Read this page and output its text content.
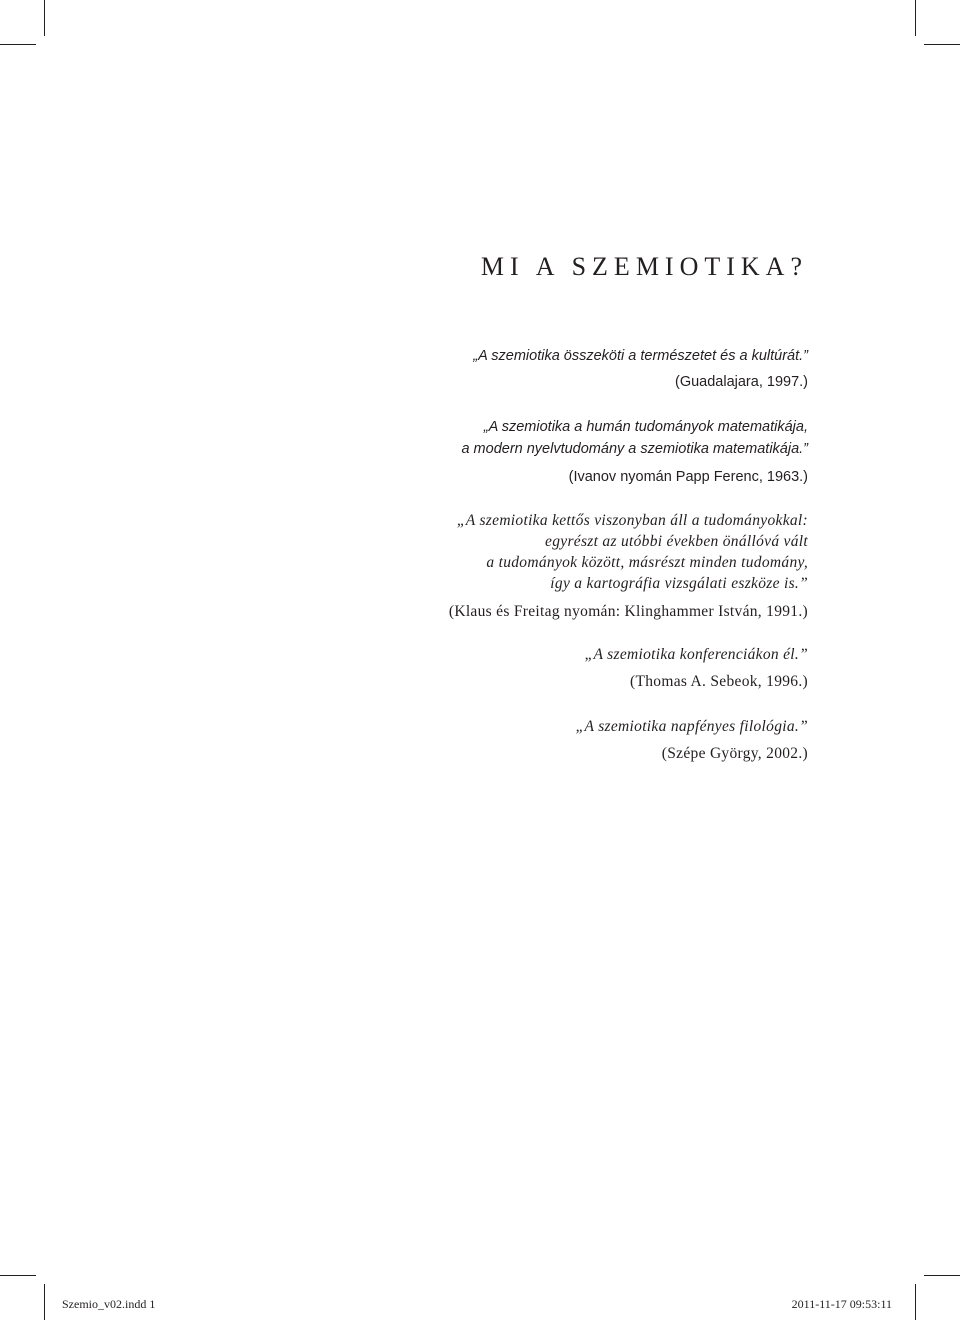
MI A SZEMIOTIKA?
„A szemiotika összeköti a természetet és a kultúrát.”
(Guadalajara, 1997.)
„A szemiotika a humán tudományok matematikája,
a modern nyelvtudomány a szemiotika matematikája.”
(Ivanov nyomán Papp Ferenc, 1963.)
„A szemiotika kettős viszonyban áll a tudományokkal:
egyrészt az utóbbi években önállóvá vált
a tudományok között, másrészt minden tudomány,
így a kartográfia vizsgálati eszköze is.”
(Klaus és Freitag nyomán: Klinghammer István, 1991.)
„A szemiotika konferenciákon él.”
(Thomas A. Sebeok, 1996.)
„A szemiotika napfényes filológia.”
(Szépe György, 2002.)
Szemio_v02.indd 1	2011-11-17 09:53:11
